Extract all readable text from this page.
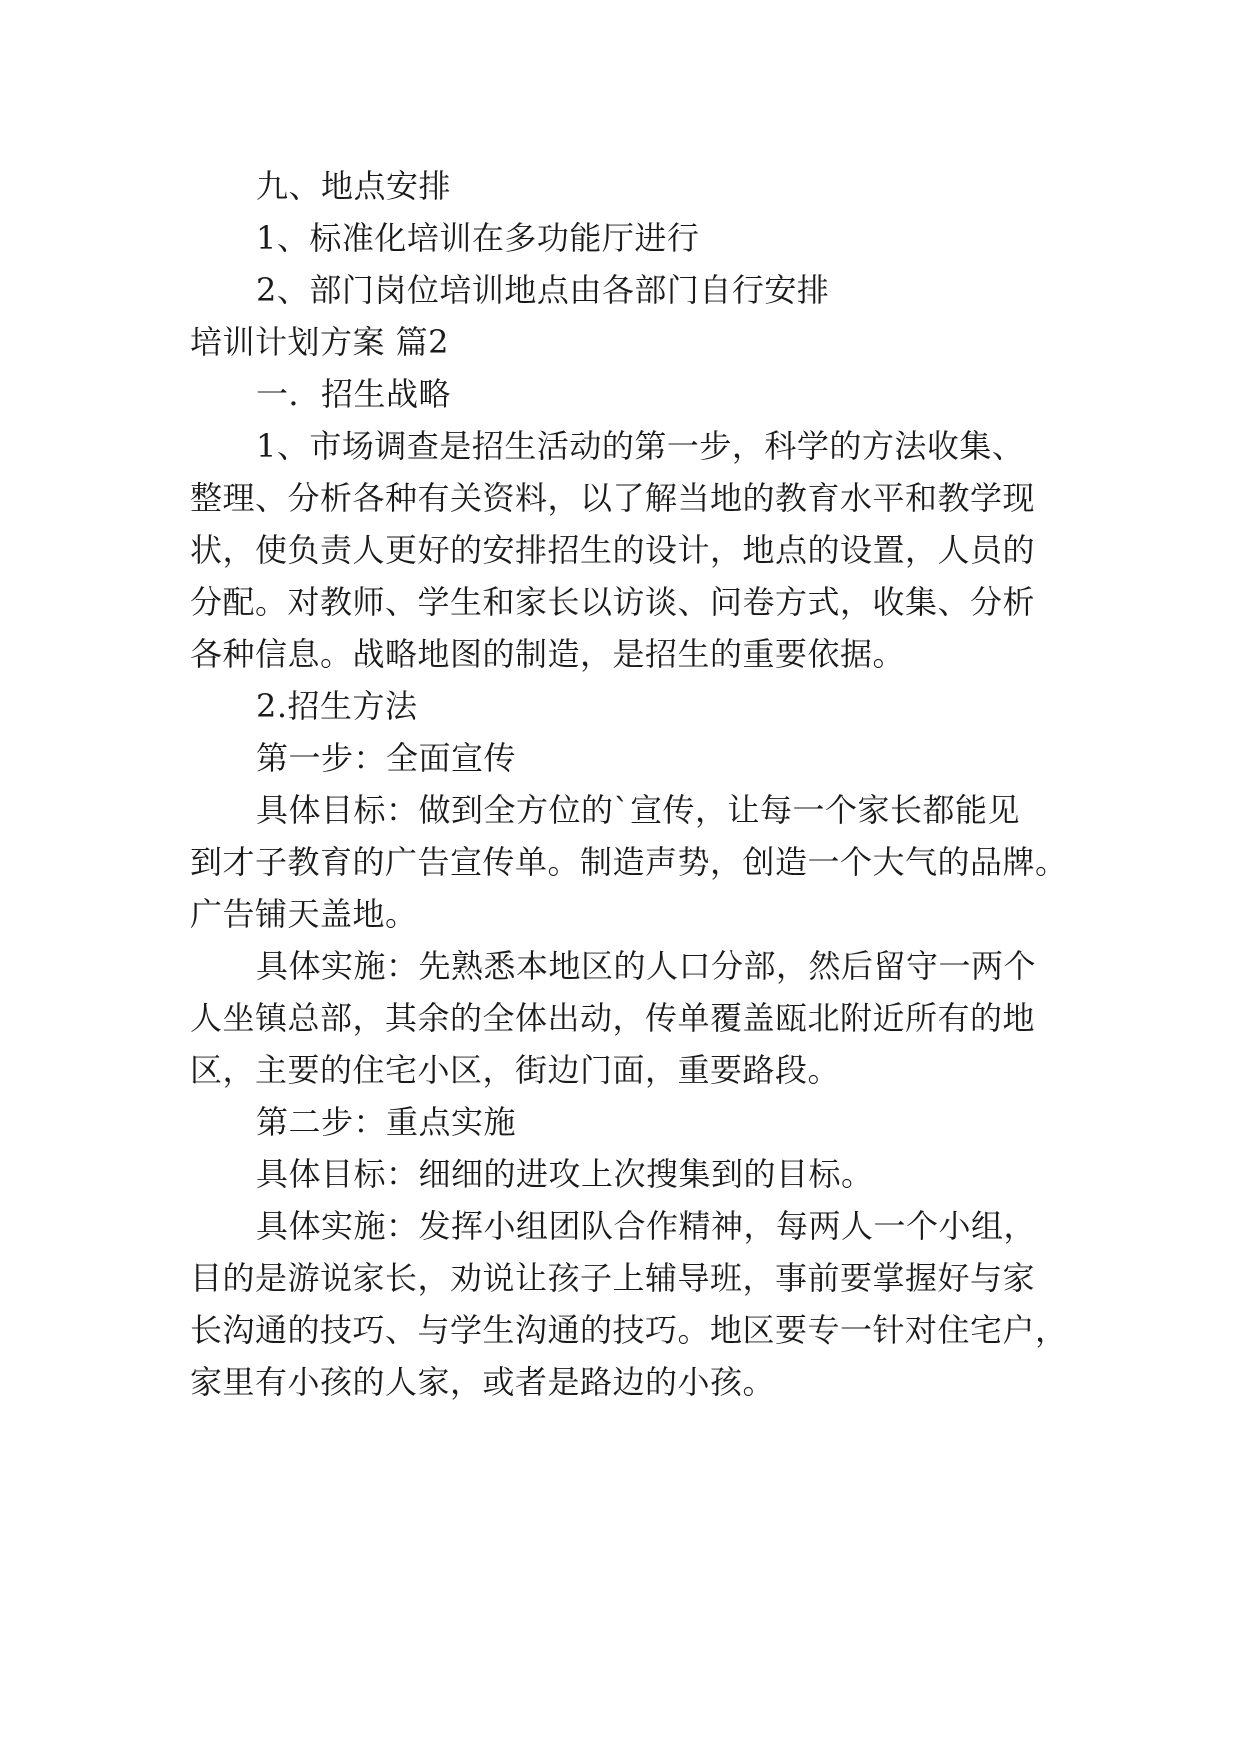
九、地点安排
1、标准化培训在多功能厅进行
2、部门岗位培训地点由各部门自行安排
培训计划方案 篇2
一．招生战略
1、市场调查是招生活动的第一步，科学的方法收集、
整理、分析各种有关资料，以了解当地的教育水平和教学现
状，使负责人更好的安排招生的设计，地点的设置，人员的
分配。对教师、学生和家长以访谈、问卷方式，收集、分析
各种信息。战略地图的制造，是招生的重要依据。
2.招生方法
第一步：全面宣传
具体目标：做到全方位的`宣传，让每一个家长都能见
到才子教育的广告宣传单。制造声势，创造一个大气的品牌。
广告铺天盖地。
具体实施：先熟悉本地区的人口分部，然后留守一两个
人坐镇总部，其余的全体出动，传单覆盖瓯北附近所有的地
区，主要的住宅小区，街边门面，重要路段。
第二步：重点实施
具体目标：细细的进攻上次搜集到的目标。
具体实施：发挥小组团队合作精神，每两人一个小组，
目的是游说家长，劝说让孩子上辅导班，事前要掌握好与家
长沟通的技巧、与学生沟通的技巧。地区要专一针对住宅户，
家里有小孩的人家，或者是路边的小孩。
